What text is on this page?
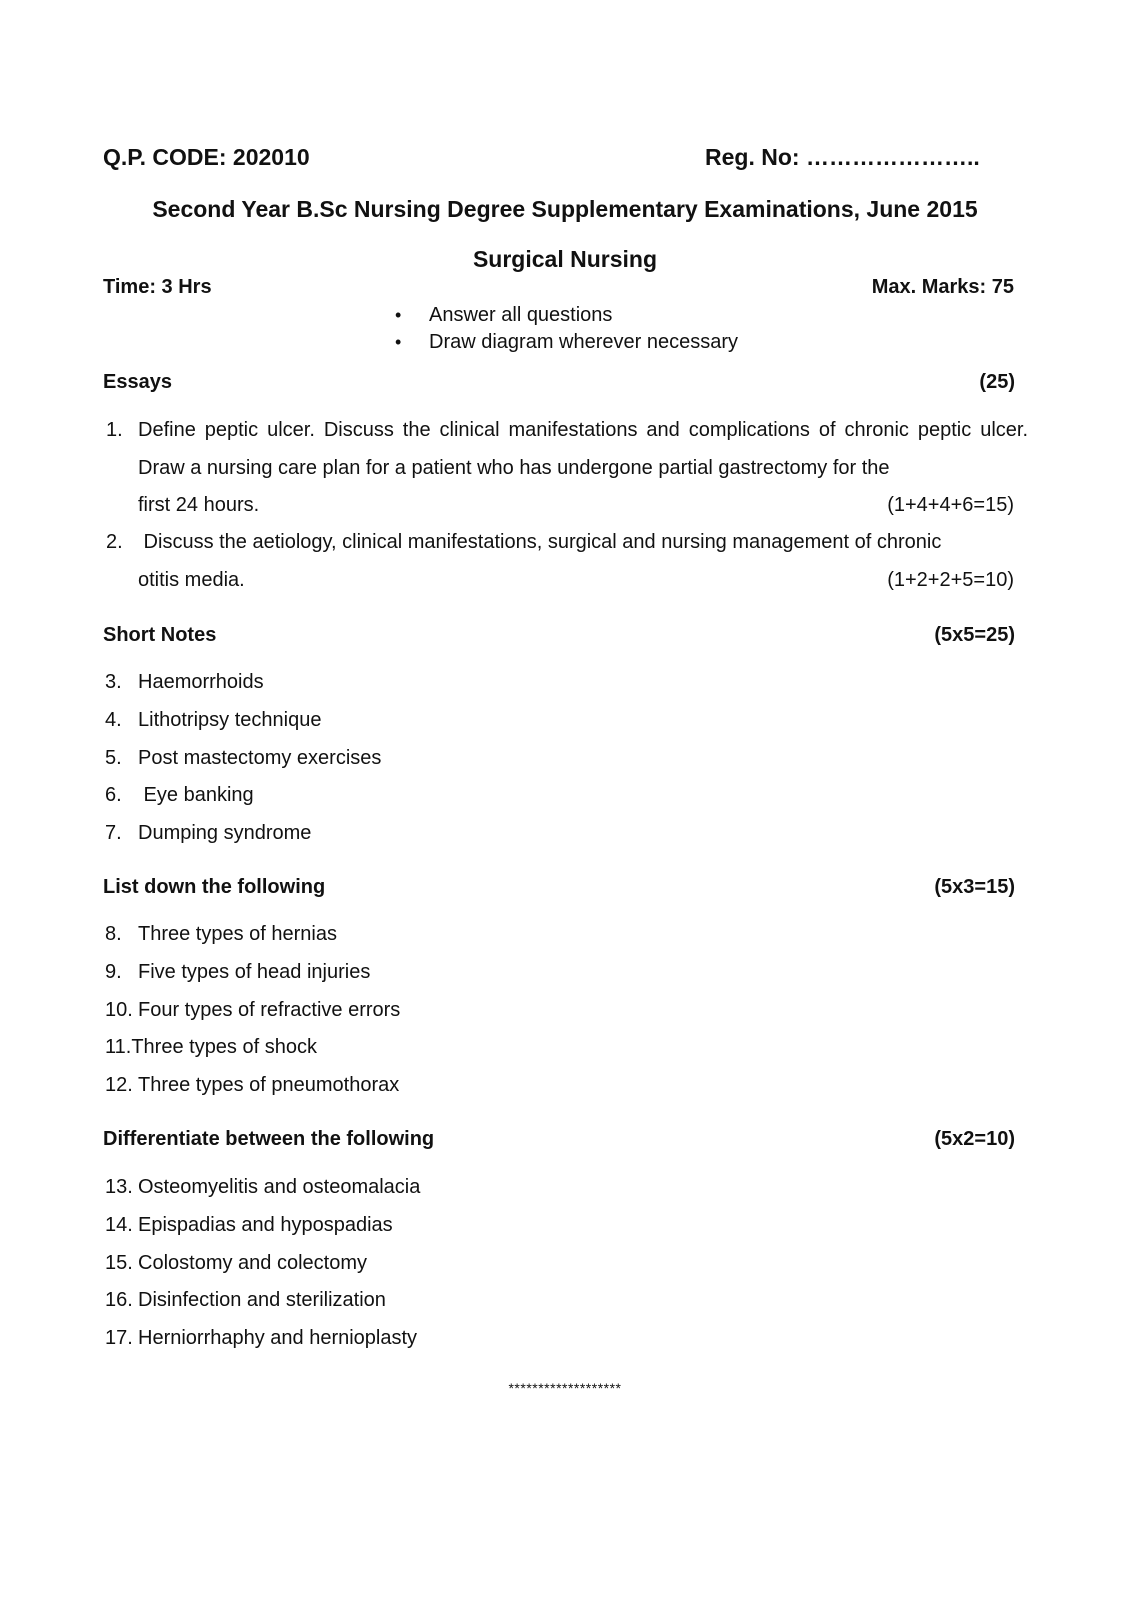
Q.P. CODE: 202010	Reg. No: …………………..
Second Year B.Sc Nursing Degree Supplementary Examinations, June 2015
Surgical Nursing
Time: 3 Hrs	Max. Marks: 75
•	Answer all questions
•	Draw diagram wherever necessary
Essays	(25)
1. Define peptic ulcer. Discuss the clinical manifestations and complications of chronic peptic ulcer. Draw a nursing care plan for a patient who has undergone partial gastrectomy for the
first 24 hours.	(1+4+4+6=15)
2. Discuss the aetiology, clinical manifestations, surgical and nursing management of chronic
otitis media.	(1+2+2+5=10)
Short Notes	(5x5=25)
3. Haemorrhoids
4. Lithotripsy technique
5. Post mastectomy exercises
6. Eye banking
7. Dumping syndrome
List down the following	(5x3=15)
8. Three types of hernias
9. Five types of head injuries
10. Four types of refractive errors
11. Three types of shock
12. Three types of pneumothorax
Differentiate between the following	(5x2=10)
13. Osteomyelitis and osteomalacia
14. Epispadias and hypospadias
15. Colostomy and colectomy
16. Disinfection and sterilization
17. Herniorrhaphy and hernioplasty
*******************
